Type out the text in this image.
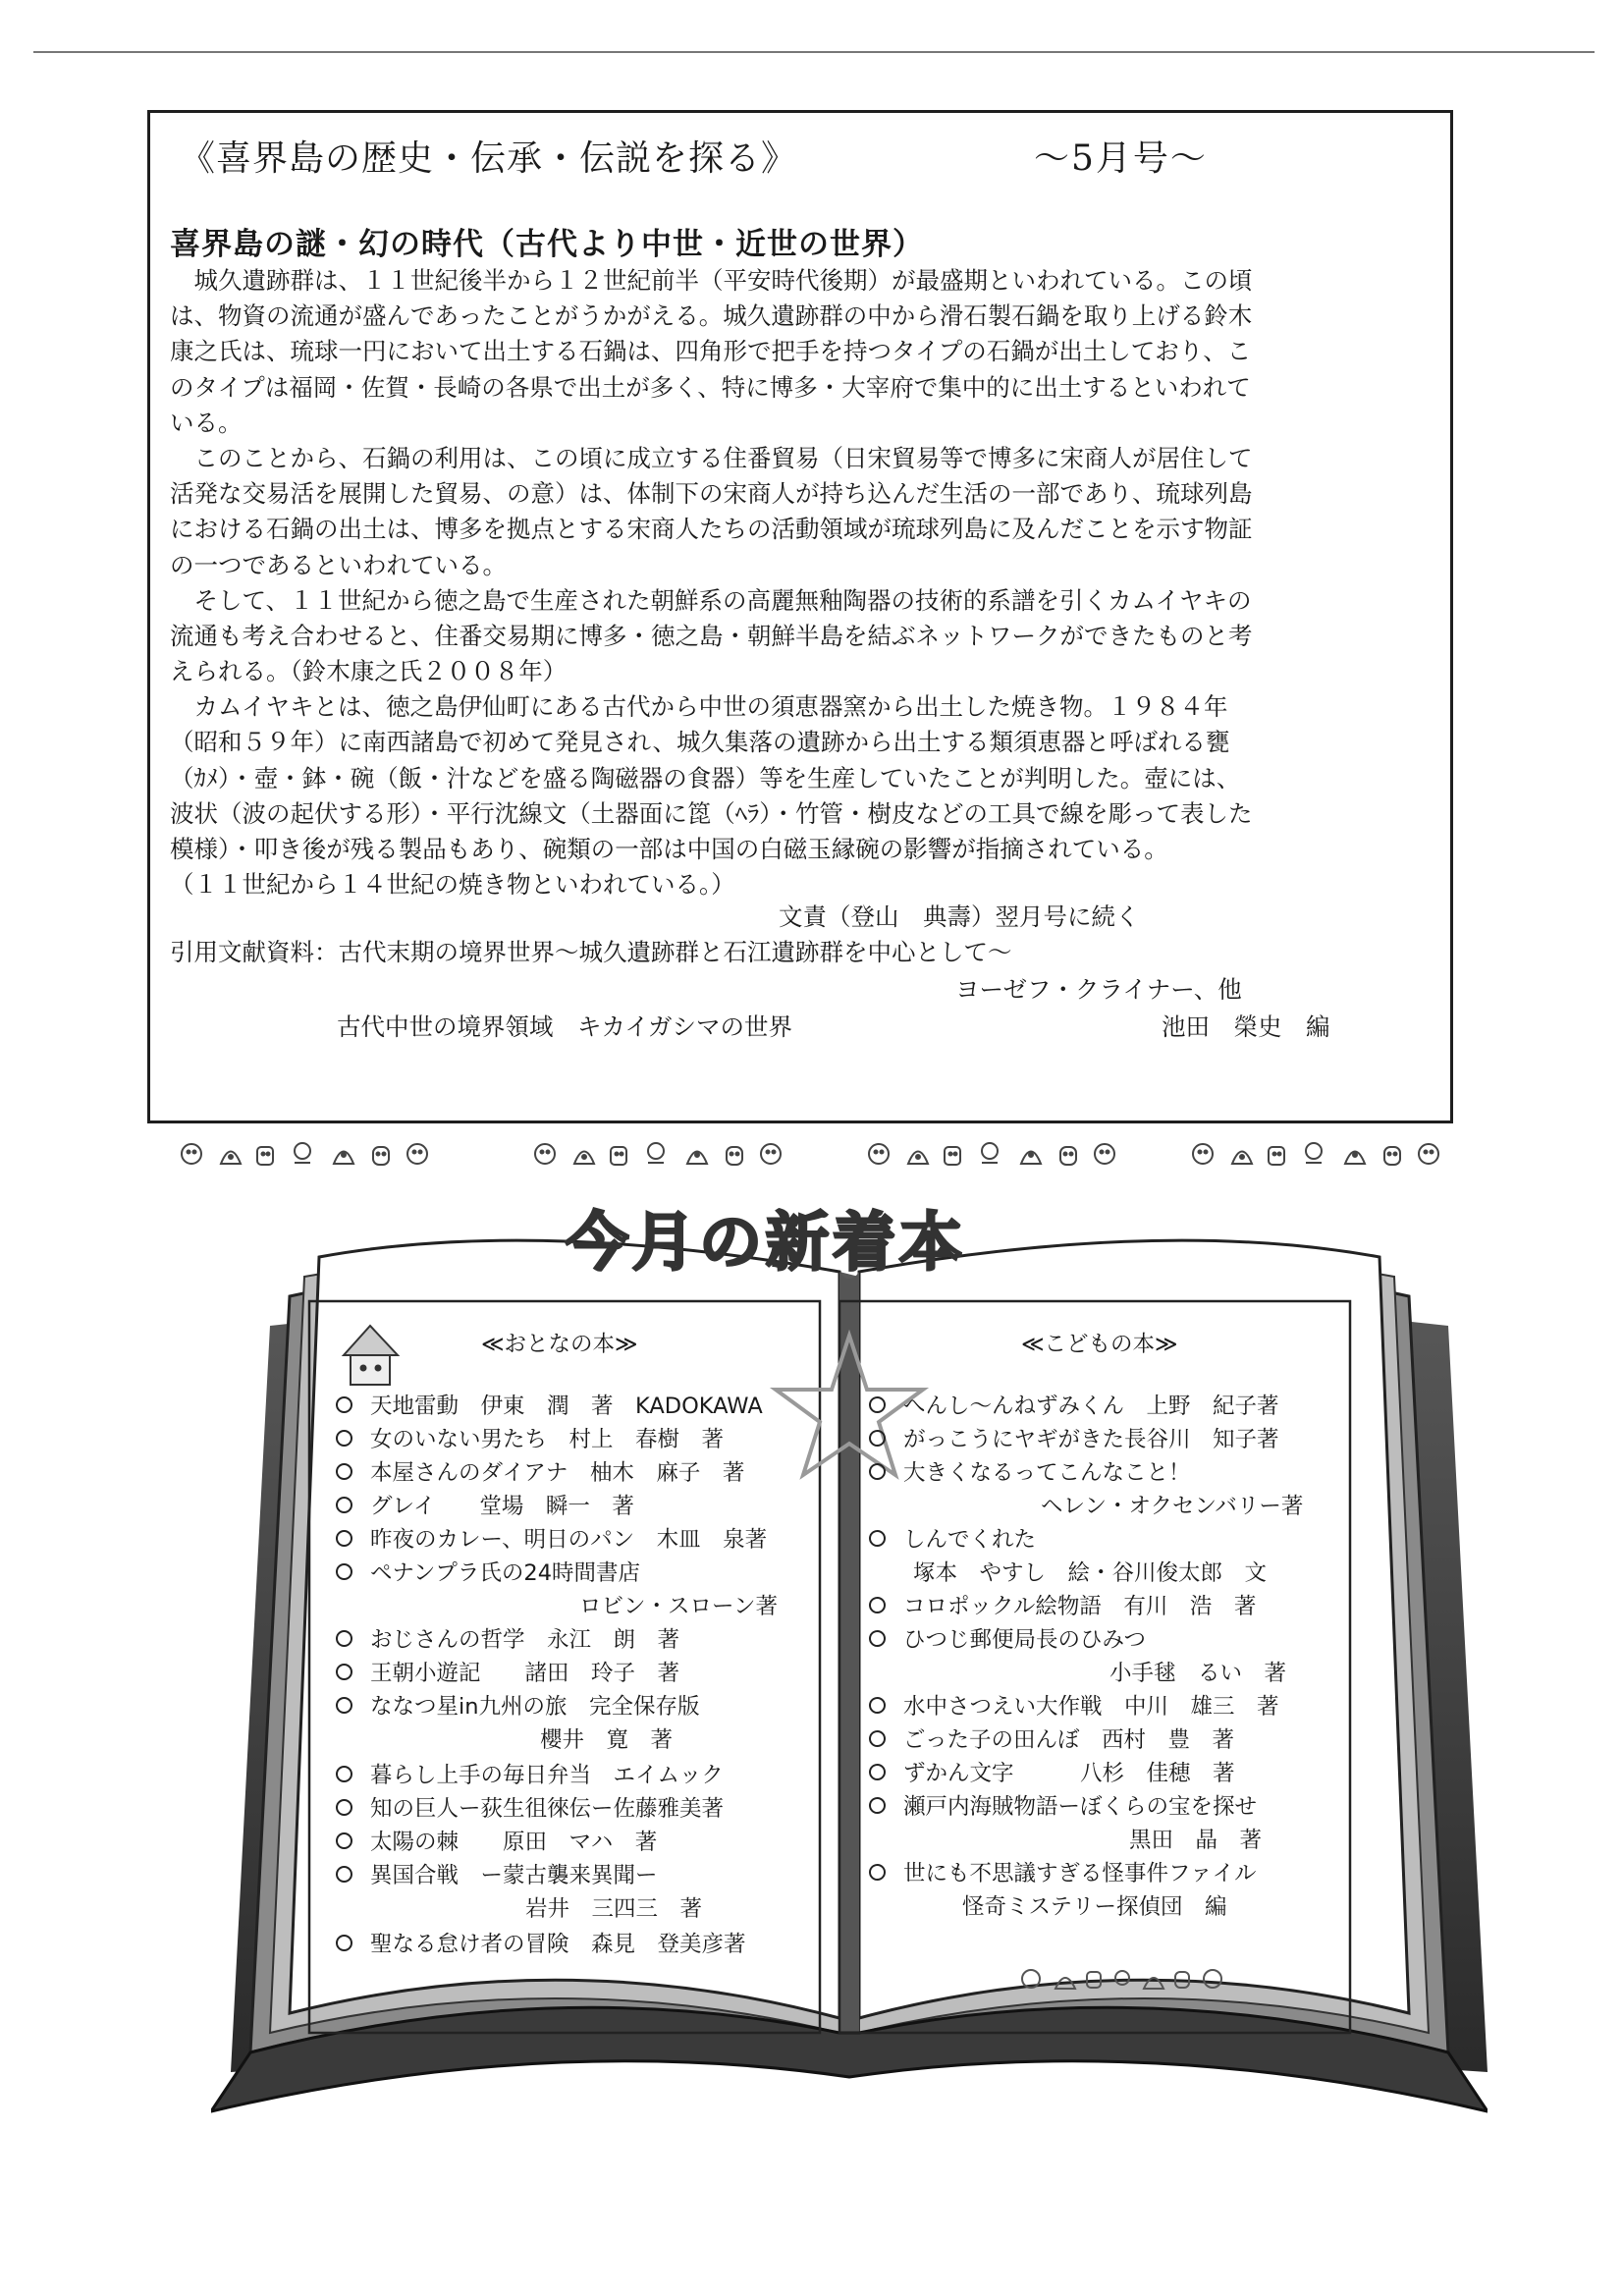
《喜界島の歴史・伝承・伝説を探る》	～5月号～
喜界島の謎・幻の時代（古代より中世・近世の世界）
　城久遺跡群は、１１世紀後半から１２世紀前半（平安時代後期）が最盛期といわれている。この頃
は、物資の流通が盛んであったことがうかがえる。城久遺跡群の中から滑石製石鍋を取り上げる鈴木
康之氏は、琉球一円において出土する石鍋は、四角形で把手を持つタイプの石鍋が出土しており、こ
のタイプは福岡・佐賀・長崎の各県で出土が多く、特に博多・大宰府で集中的に出土するといわれて
いる。
　このことから、石鍋の利用は、この頃に成立する住番貿易（日宋貿易等で博多に宋商人が居住して
活発な交易活を展開した貿易、の意）は、体制下の宋商人が持ち込んだ生活の一部であり、琉球列島
における石鍋の出土は、博多を拠点とする宋商人たちの活動領域が琉球列島に及んだことを示す物証
の一つであるといわれている。
　そして、１１世紀から徳之島で生産された朝鮮系の高麗無釉陶器の技術的系譜を引くカムイヤキの
流通も考え合わせると、住番交易期に博多・徳之島・朝鮮半島を結ぶネットワークができたものと考
えられる。（鈴木康之氏２００８年）
　カムイヤキとは、徳之島伊仙町にある古代から中世の須恵器窯から出土した焼き物。１９８４年
（昭和５９年）に南西諸島で初めて発見され、城久集落の遺跡から出土する類須恵器と呼ばれる甕
（ｶﾒ）・壺・鉢・碗（飯・汁などを盛る陶磁器の食器）等を生産していたことが判明した。壺には、
波状（波の起伏する形）・平行沈線文（土器面に箆（ﾍﾗ）・竹管・樹皮などの工具で線を彫って表した
模様）・叩き後が残る製品もあり、碗類の一部は中国の白磁玉縁碗の影響が指摘されている。
（１１世紀から１４世紀の焼き物といわれている。）
文責（登山　典壽）翌月号に続く
引用文献資料：古代末期の境界世界～城久遺跡群と石江遺跡群を中心として～
ヨーゼフ・クライナー、他
古代中世の境界領域　キカイガシマの世界	池田　榮史　編
今月の新着本
≪おとなの本≫
天地雷動　伊東　潤　著　KADOKAWA
女のいない男たち　村上　春樹　著
本屋さんのダイアナ　柚木　麻子　著
グレイ　　堂場　瞬一　著
昨夜のカレー、明日のパン　木皿　泉著
ペナンプラ氏の24時間書店
ロビン・スローン著
おじさんの哲学　永江　朗　著
王朝小遊記　　諸田　玲子　著
ななつ星in九州の旅　完全保存版
櫻井　寛　著
暮らし上手の毎日弁当　エイムック
知の巨人ー荻生徂徠伝ー佐藤雅美著
太陽の棘　　原田　マハ　著
異国合戦　ー蒙古襲来異聞ー
岩井　三四三　著
聖なる怠け者の冒険　森見　登美彦著
≪こどもの本≫
へんし～んねずみくん　上野　紀子著
がっこうにヤギがきた長谷川　知子著
大きくなるってこんなこと！
ヘレン・オクセンバリー著
しんでくれた
塚本　やすし　絵・谷川俊太郎　文
コロポックル絵物語　有川　浩　著
ひつじ郵便局長のひみつ
小手毬　るい　著
水中さつえい大作戦　中川　雄三　著
ごった子の田んぼ　西村　豊　著
ずかん文字　　　八杉　佳穂　著
瀬戸内海賊物語ーぼくらの宝を探せ
黒田　晶　著
世にも不思議すぎる怪事件ファイル
怪奇ミステリー探偵団　編
